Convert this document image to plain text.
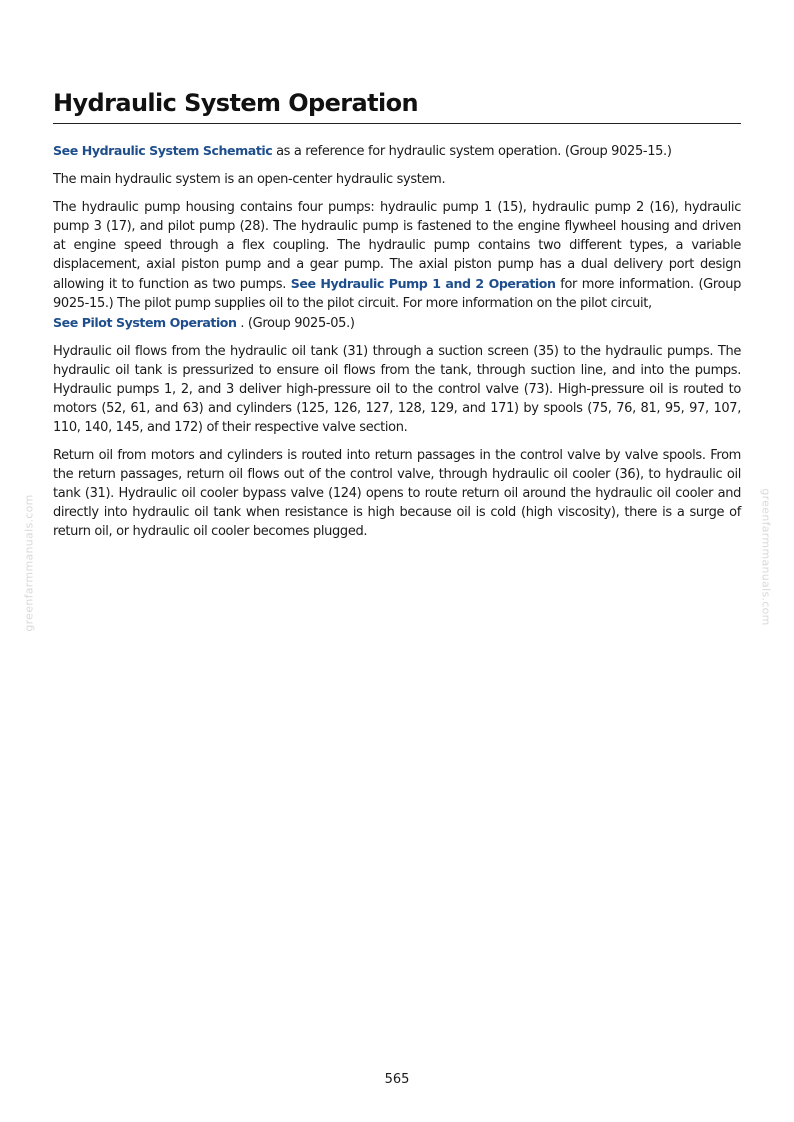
Hydraulic System Operation

See Hydraulic System Schematic as a reference for hydraulic system operation. (Group 9025-15.)

The main hydraulic system is an open-center hydraulic system.

The hydraulic pump housing contains four pumps: hydraulic pump 1 (15), hydraulic pump 2 (16), hydraulic pump 3 (17), and pilot pump (28). The hydraulic pump is fastened to the engine flywheel housing and driven at engine speed through a flex coupling. The hydraulic pump contains two different types, a variable displacement, axial piston pump and a gear pump. The axial piston pump has a dual delivery port design allowing it to function as two pumps. See Hydraulic Pump 1 and 2 Operation for more information. (Group 9025-15.) The pilot pump supplies oil to the pilot circuit. For more information on the pilot circuit,
See Pilot System Operation . (Group 9025-05.)

Hydraulic oil flows from the hydraulic oil tank (31) through a suction screen (35) to the hydraulic pumps. The hydraulic oil tank is pressurized to ensure oil flows from the tank, through suction line, and into the pumps. Hydraulic pumps 1, 2, and 3 deliver high-pressure oil to the control valve (73). High-pressure oil is routed to motors (52, 61, and 63) and cylinders (125, 126, 127, 128, 129, and 171) by spools (75, 76, 81, 95, 97, 107, 110, 140, 145, and 172) of their respective valve section.

Return oil from motors and cylinders is routed into return passages in the control valve by valve spools. From the return passages, return oil flows out of the control valve, through hydraulic oil cooler (36), to hydraulic oil tank (31). Hydraulic oil cooler bypass valve (124) opens to route return oil around the hydraulic oil cooler and directly into hydraulic oil tank when resistance is high because oil is cold (high viscosity), there is a surge of return oil, or hydraulic oil cooler becomes plugged.

greenfarmmanuals.com	greenfarmmanuals.com
565
